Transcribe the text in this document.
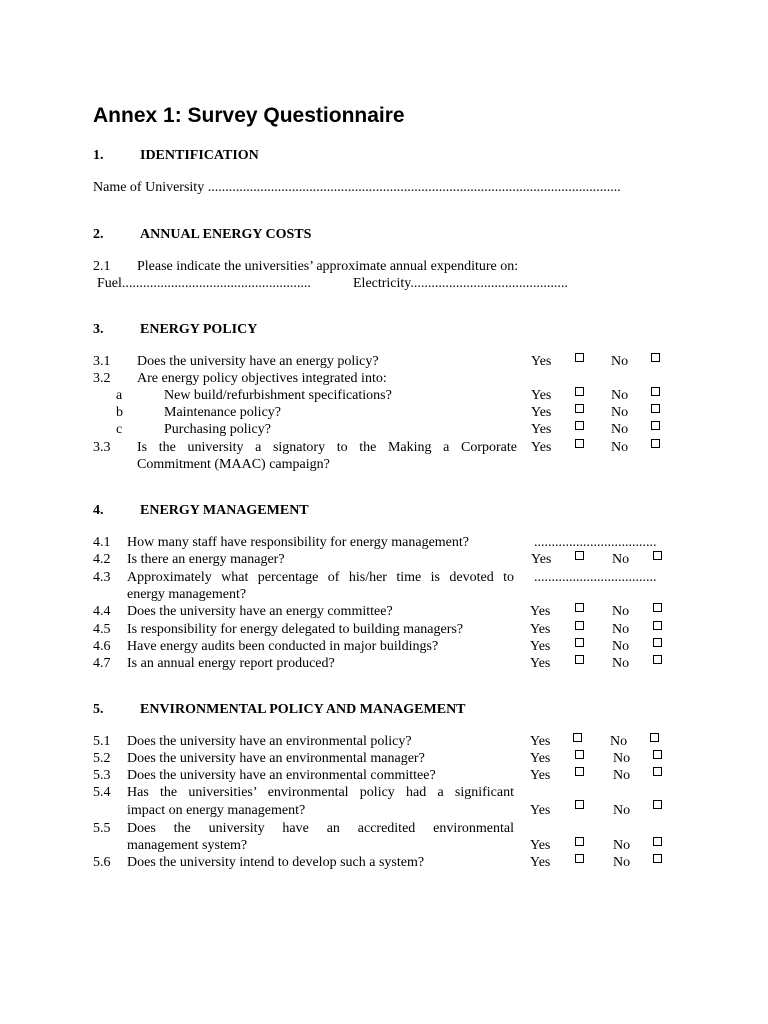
Annex 1: Survey Questionnaire
1.	IDENTIFICATION
Name of University ......................................................................................................................
2.	ANNUAL ENERGY COSTS
2.1 Please indicate the universities’ approximate annual expenditure on:
Fuel......................................................	Electricity.............................................
3.	ENERGY POLICY
3.1 Does the university have an energy policy?	Yes	No
3.2 Are energy policy objectives integrated into:
a	New build/refurbishment specifications?	Yes	No
b	Maintenance policy?	Yes	No
c	Purchasing policy?	Yes	No
3.3 Is the university a signatory to the Making a Corporate
Commitment (MAAC) campaign?
Yes	No
4.	ENERGY MANAGEMENT
4.1 How many staff have responsibility for energy management?	...................................
4.2 Is there an energy manager?	Yes	No
4.3 Approximately what percentage of his/her time is devoted to
energy management?
...................................
4.4 Does the university have an energy committee?	Yes	No
4.5 Is responsibility for energy delegated to building managers?	Yes	No
4.6 Have energy audits been conducted in major buildings?	Yes	No
4.7 Is an annual energy report produced?	Yes	No
5.	ENVIRONMENTAL POLICY AND MANAGEMENT
5.1 Does the university have an environmental policy?	Yes	No
5.2 Does the university have an environmental manager?	Yes	No
5.3 Does the university have an environmental committee?	Yes	No
5.4 Has the universities’ environmental policy had a significant
impact on energy management?	Yes	No
5.5 Does the university have an accredited environmental
management system?	Yes	No
5.6 Does the university intend to develop such a system?	Yes	No
